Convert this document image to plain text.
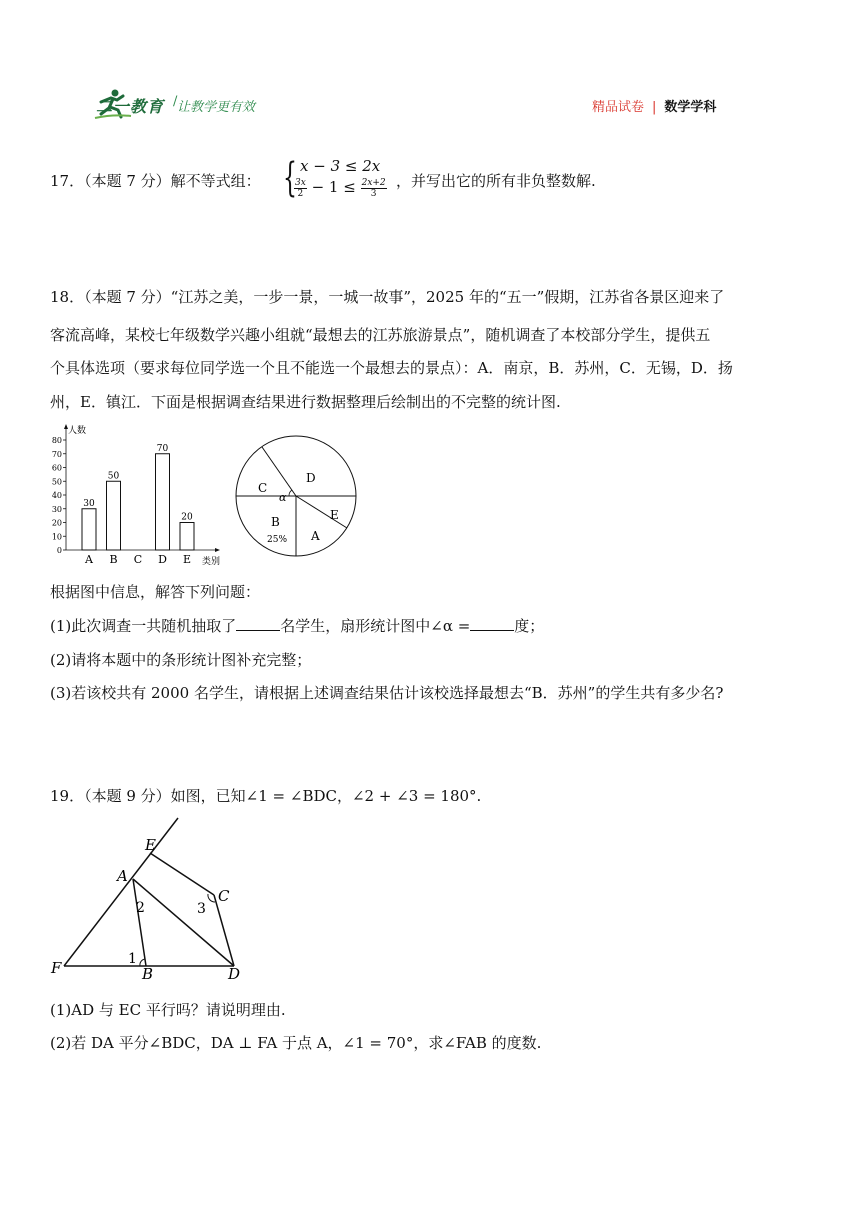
二一教育 / 让教学更有效	精品试卷 | 数学学科
17．（本题 7 分）解不等式组： { x − 3 ≤ 2x
$\frac{3x}{2} - 1 \le \frac{2x+2}{3}$ ，并写出它的所有非负整数解.
18．（本题 7 分）“江苏之美，一步一景，一城一故事”，2025 年的“五一”假期，江苏省各景区迎来了
客流高峰，某校七年级数学兴趣小组就“最想去的江苏旅游景点”，随机调查了本校部分学生，提供五
个具体选项（要求每位同学选一个且不能选一个最想去的景点）：A．南京，B．苏州，C．无锡，D．扬
州，E．镇江．下面是根据调查结果进行数据整理后绘制出的不完整的统计图.
人数
类别
0
10
20
30
40
50
60
70
80
30
A
50
B C
70
D
20
E
C
α
D
E
A
B
25%
根据图中信息，解答下列问题：
(1)此次调查一共随机抽取了	名学生，扇形统计图中∠α =	度；
(2)请将本题中的条形统计图补充完整；
(3)若该校共有 2000 名学生，请根据上述调查结果估计该校选择最想去“B．苏州”的学生共有多少名?
19．（本题 9 分）如图，已知∠1 = ∠BDC，∠2 + ∠3 = 180°.
E
A
C
F	B	D
1
2	3
(1)AD 与 EC 平行吗？请说明理由.
(2)若 DA 平分∠BDC，DA ⊥ FA 于点 A，∠1 = 70°，求∠FAB 的度数.
